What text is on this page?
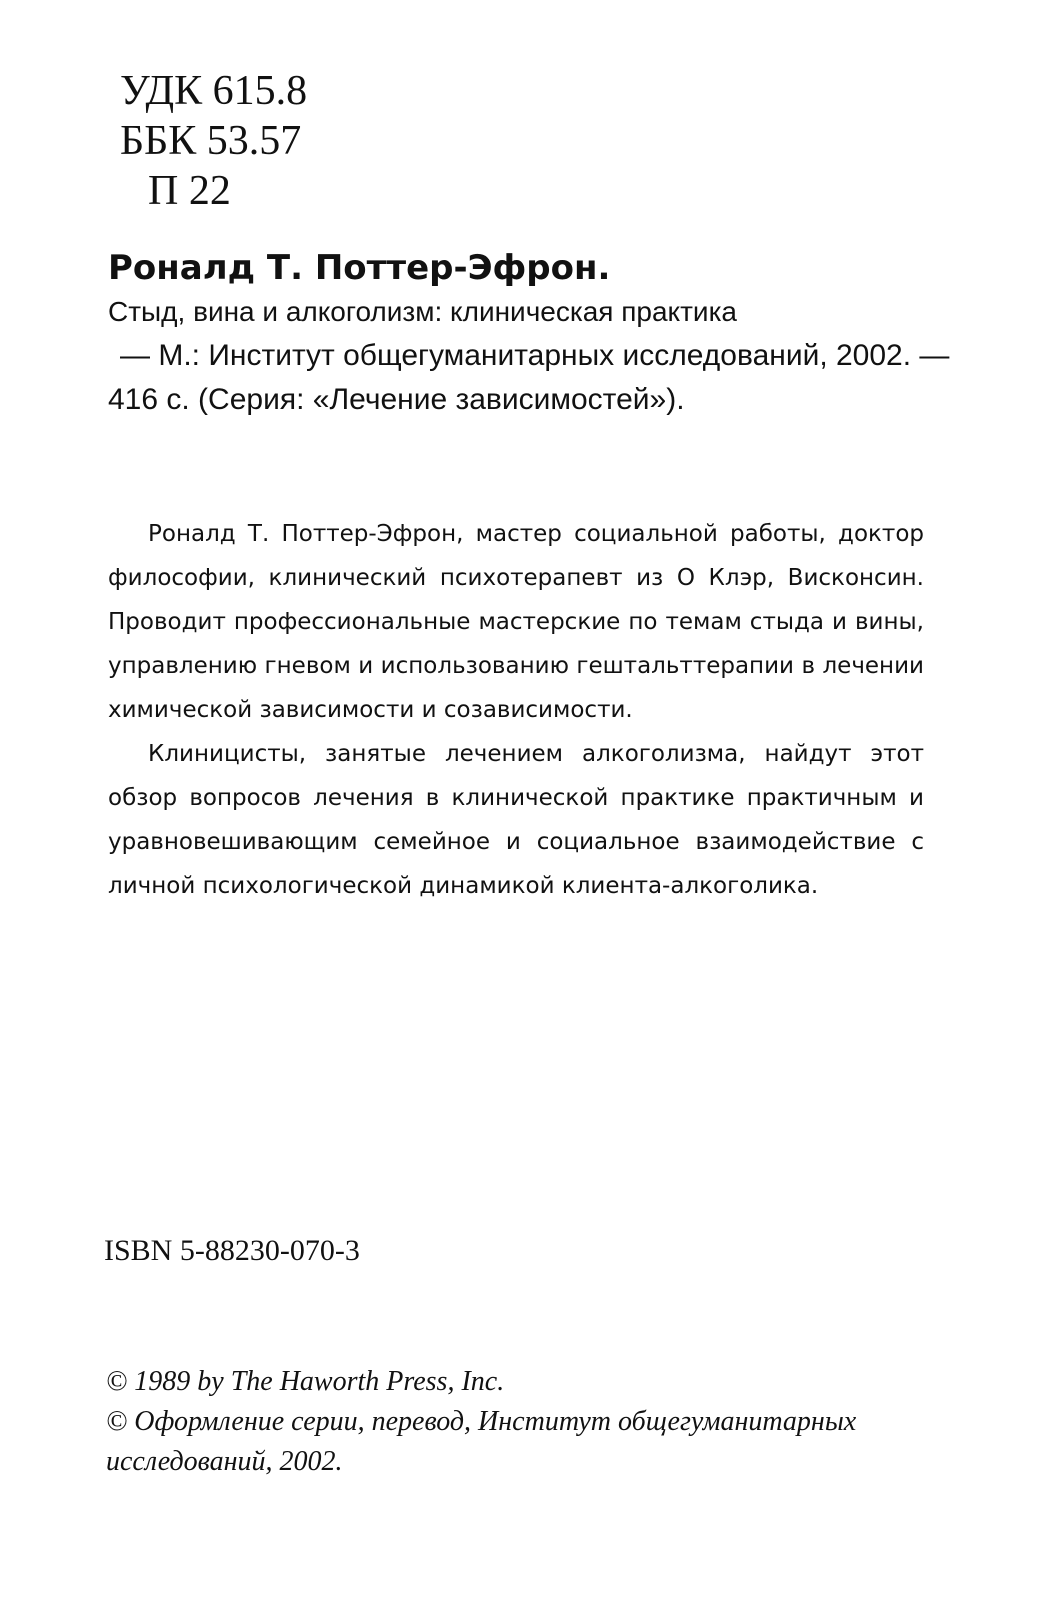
УДК 615.8
ББК 53.57
П 22
Роналд Т. Поттер-Эфрон.
Стыд, вина и алкоголизм: клиническая практика
— М.: Институт общегуманитарных исследований, 2002. —
416 с. (Серия: «Лечение зависимостей»).

Роналд Т. Поттер-Эфрон, мастер социальной работы, доктор философии, клинический психотерапевт из О Клэр, Висконсин. Проводит профессиональные мастерские по темам стыда и вины, управлению гневом и использованию гештальттерапии в лечении химической зависимости и созависимости.

Клиницисты, занятые лечением алкоголизма, найдут этот обзор вопросов лечения в клинической практике практичным и уравновешивающим семейное и социальное взаимодействие с личной психологической динамикой клиента-алкоголика.

ISBN 5-88230-070-3
© 1989 by The Haworth Press, Inc.
© Оформление серии, перевод, Институт общегуманитарных
исследований, 2002.
